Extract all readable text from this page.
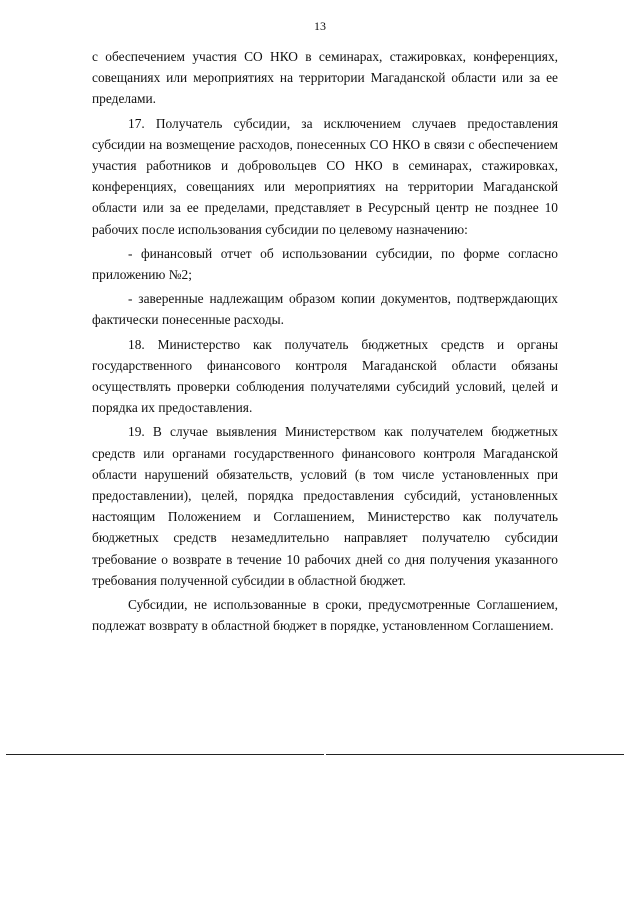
13

с обеспечением участия СО НКО в семинарах, стажировках, конференциях, совещаниях или мероприятиях на территории Магаданской области или за ее пределами.

17. Получатель субсидии, за исключением случаев предоставления субсидии на возмещение расходов, понесенных СО НКО в связи с обеспечением участия работников и добровольцев СО НКО в семинарах, стажировках, конференциях, совещаниях или мероприятиях на территории Магаданской области или за ее пределами, представляет в Ресурсный центр не позднее 10 рабочих после использования субсидии по целевому назначению:

- финансовый отчет об использовании субсидии, по форме согласно приложению №2;

- заверенные надлежащим образом копии документов, подтверждающих фактически понесенные расходы.

18. Министерство как получатель бюджетных средств и органы государственного финансового контроля Магаданской области обязаны осуществлять проверки соблюдения получателями субсидий условий, целей и порядка их предоставления.

19. В случае выявления Министерством как получателем бюджетных средств или органами государственного финансового контроля Магаданской области нарушений обязательств, условий (в том числе установленных при предоставлении), целей, порядка предоставления субсидий, установленных настоящим Положением и Соглашением, Министерство как получатель бюджетных средств незамедлительно направляет получателю субсидии требование о возврате в течение 10 рабочих дней со дня получения указанного требования полученной субсидии в областной бюджет.

Субсидии, не использованные в сроки, предусмотренные Соглашением, подлежат возврату в областной бюджет в порядке, установленном Соглашением.
